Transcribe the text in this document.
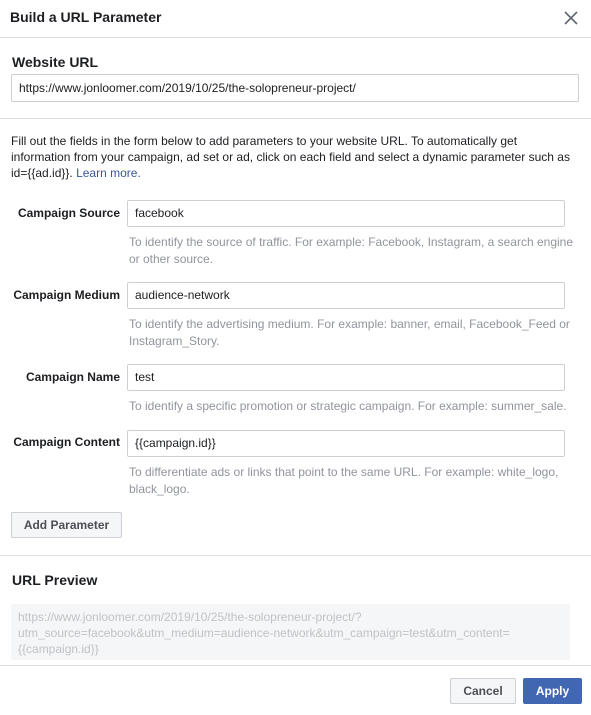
Build a URL Parameter
Website URL
https://www.jonloomer.com/2019/10/25/the-solopreneur-project/
Fill out the fields in the form below to add parameters to your website URL. To automatically get information from your campaign, ad set or ad, click on each field and select a dynamic parameter such as id={{ad.id}}. Learn more.
Campaign Source	facebook
To identify the source of traffic. For example: Facebook, Instagram, a search engine or other source.
Campaign Medium	audience-network
To identify the advertising medium. For example: banner, email, Facebook_Feed or Instagram_Story.
Campaign Name	test
To identify a specific promotion or strategic campaign. For example: summer_sale.
Campaign Content	{{campaign.id}}
To differentiate ads or links that point to the same URL. For example: white_logo, black_logo.
Add Parameter
URL Preview
https://www.jonloomer.com/2019/10/25/the-solopreneur-project/?
utm_source=facebook&utm_medium=audience-network&utm_campaign=test&utm_content=
{{campaign.id}}
Cancel	Apply
